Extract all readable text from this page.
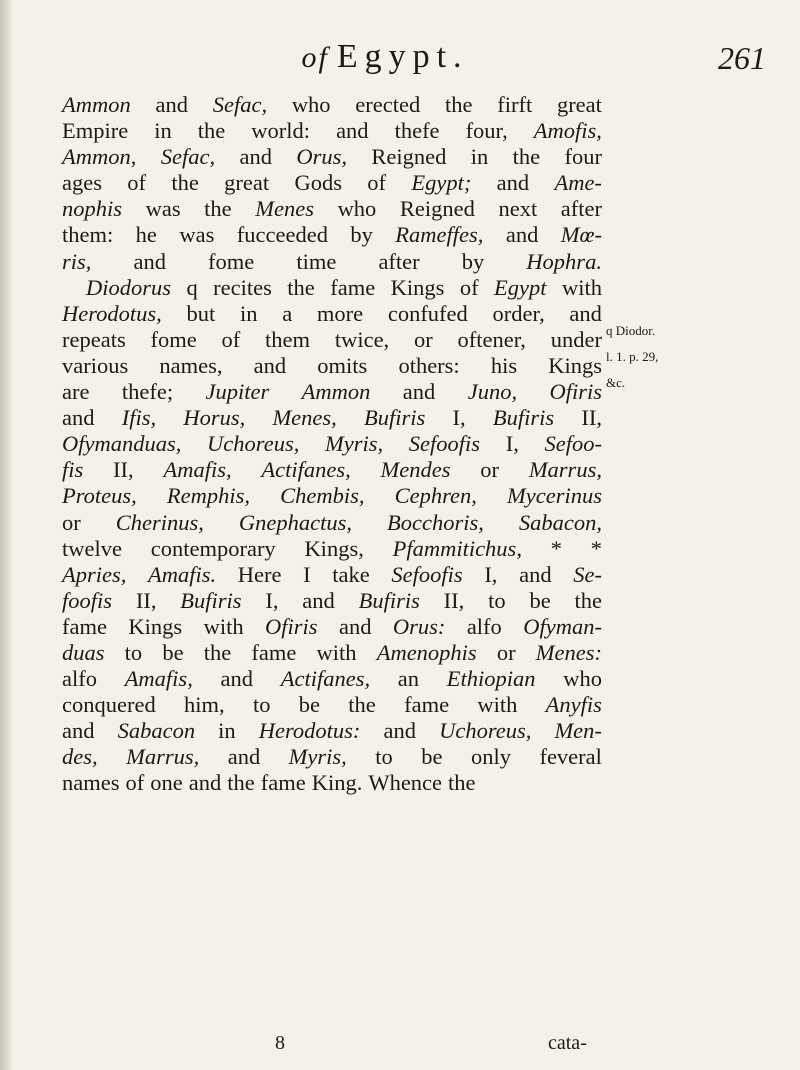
of Egypt.	261
Ammon and Sefac, who erected the firft great
Empire in the world: and thefe four, Amofis,
Ammon, Sefac, and Orus, Reigned in the four
ages of the great Gods of Egypt; and Ame-
nophis was the Menes who Reigned next after
them: he was fucceeded by Rameffes, and Mœ-
ris, and fome time after by Hophra.
Diodorus q recites the fame Kings of Egypt with
Herodotus, but in a more confufed order, and
repeats fome of them twice, or oftener, under
various names, and omits others: his Kings
are thefe; Jupiter Ammon and Juno, Ofiris
and Ifis, Horus, Menes, Bufiris I, Bufiris II,
Ofymanduas, Uchoreus, Myris, Sefoofis I, Sefoo-
fis II, Amafis, Actifanes, Mendes or Marrus,
Proteus, Remphis, Chembis, Cephren, Mycerinus
or Cherinus, Gnephactus, Bocchoris, Sabacon,
twelve contemporary Kings, Pfammitichus, * *
Apries, Amafis. Here I take Sefoofis I, and Se-
foofis II, Bufiris I, and Bufiris II, to be the
fame Kings with Ofiris and Orus: alfo Ofyman-
duas to be the fame with Amenophis or Menes:
alfo Amafis, and Actifanes, an Ethiopian who
conquered him, to be the fame with Anyfis
and Sabacon in Herodotus: and Uchoreus, Men-
des, Marrus, and Myris, to be only feveral
names of one and the fame King. Whence the
q Diodor.
l. 1. p. 29,
&c.
8	cata-
